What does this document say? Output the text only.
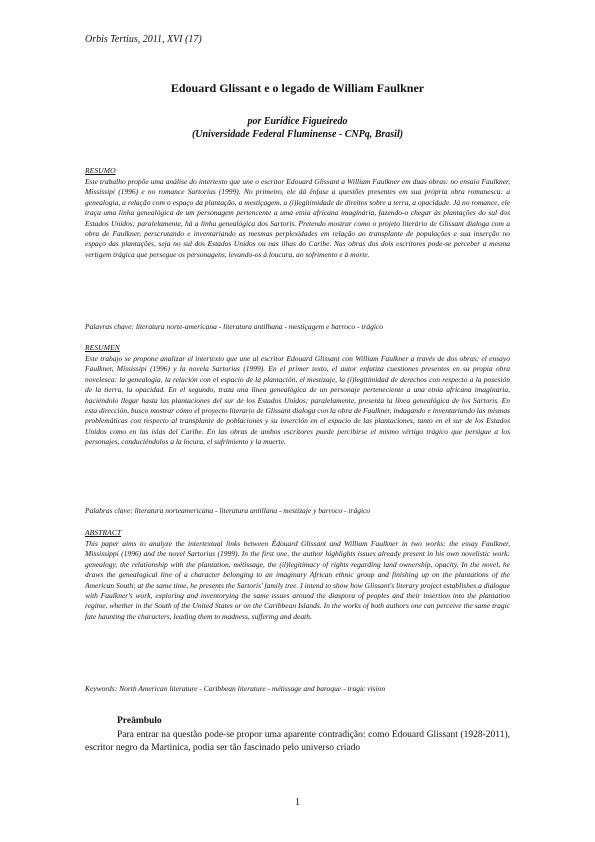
Orbis Tertius, 2011, XVI (17)
Edouard Glissant e o legado de William Faulkner
por Eurídice Figueiredo
(Universidade Federal Fluminense - CNPq, Brasil)
RESUMO

Este trabalho propõe uma análise do intertexto que une o escritor Edouard Glissant a William Faulkner em duas obras: no ensaio Faulkner, Mississipi (1996) e no romance Sartorius (1999). No primeiro, ele dá ênfase a questões presentes em sua própria obra romanesca: a genealogia, a relação com o espaço da plantação, a mestiçagem, a (i)legitimidade de direitos sobre a terra, a opacidade. Já no romance, ele traça uma linha genealógica de um personagem pertencente a uma etnia africana imaginária, fazendo-o chegar às plantações do sul dos Estados Unidos; paralelamente, há a linha genealógica dos Sartoris. Pretendo mostrar como o projeto literário de Glissant dialoga com a obra de Faulkner, perscrutando e inventariando as mesmas perplexidades em relação ao transplante de populações e sua inserção no espaço das plantações, seja no sul dos Estados Unidos ou nas ilhas do Caribe. Nas obras dos dois escritores pode-se perceber a mesma vertigem trágica que persegue os personagens, levando-os à loucura, ao sofrimento e à morte.

Palavras chave: literatura norte-americana - literatura antilhana - mestiçagem e barroco - trágico

RESUMEN

Este trabajo se propone analizar el intertexto que une al escritor Edouard Glissant con William Faulkner a través de dos obras: el ensayo Faulkner, Mississipi (1996) y la novela Sartorius (1999). En el primer texto, el autor enfatiza cuestiones presentes en su propia obra novelesca: la genealogía, la relación con el espacio de la plantación, el mestizaje, la (i)legitimidad de derechos con respecto a la posesión de la tierra, la opacidad. En el segundo, traza una línea genealógica de un personaje perteneciente a una etnia africana imaginaria, haciéndolo llegar hasta las plantaciones del sur de los Estados Unidos; paralelamente, presenta la línea genealógica de los Sartoris. En esta dirección, busco mostrar cómo el proyecto literario de Glissant dialoga con la obra de Faulkner, indagando e inventariando las mismas problemáticas con respecto al transplante de poblaciones y su inserción en el espacio de las plantaciones, tanto en el sur de los Estados Unidos como en las islas del Caribe. En las obras de ambos escritores puede percibirse el mismo vértigo trágico que persigue a los personajes, conduciéndolos a la locura, el sufrimiento y la muerte.

Palabras clave: literatura norteamericana - literatura antillana - mestizaje y barroco - trágico

ABSTRACT

This paper aims to analyze the intertextual links between Édouard Glissant and William Faulkner in two works: the essay Faulkner, Mississippi (1996) and the novel Sartorius (1999). In the first one, the author highlights issues already present in his own novelistic work: genealogy, the relationship with the plantation, métissage, the (il)legitimacy of rights regarding land ownership, opacity. In the novel, he draws the genealogical line of a character belonging to an imaginary African ethnic group and finishing up on the plantations of the American South; at the same time, he presents the Sartoris' family tree. I intend to show how Glissant's literary project establishes a dialogue with Faulkner's work, exploring and inventorying the same issues around the diaspora of peoples and their insertion into the plantation regime, whether in the South of the United States or on the Caribbean Islands. In the works of both authors one can perceive the same tragic fate haunting the characters, leading them to madness, suffering and death.

Keywords: North American literature - Caribbean literature - métissage and baroque - tragic vision

Preâmbulo

Para entrar na questão pode-se propor uma aparente contradição: como Edouard Glissant (1928-2011), escritor negro da Martinica, podia ser tão fascinado pelo universo criado

1
